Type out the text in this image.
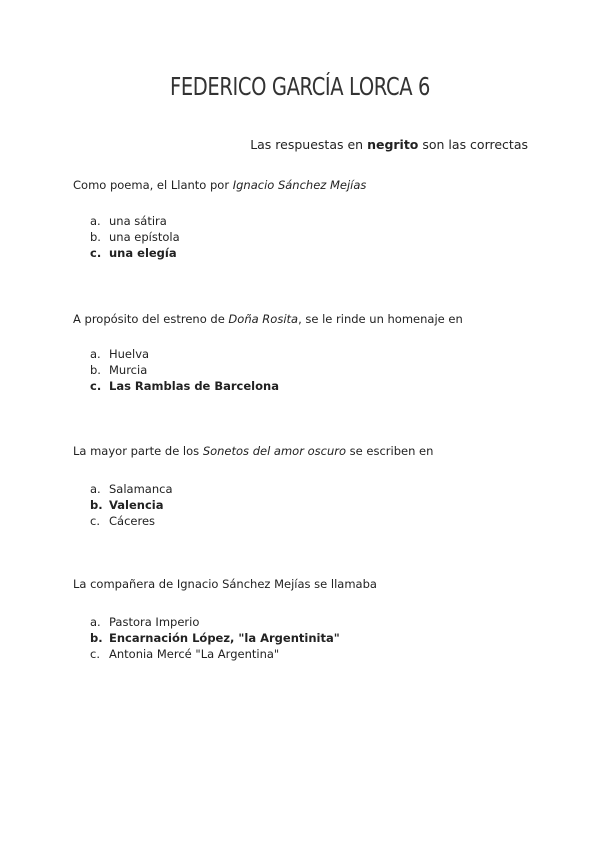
FEDERICO GARCÍA LORCA 6
Las respuestas en negrito son las correctas
Como poema, el Llanto por Ignacio Sánchez Mejías
a. una sátira
b. una epístola
c. una elegía
A propósito del estreno de Doña Rosita, se le rinde un homenaje en
a. Huelva
b. Murcia
c. Las Ramblas de Barcelona
La mayor parte de los Sonetos del amor oscuro se escriben en
a. Salamanca
b. Valencia
c. Cáceres
La compañera de Ignacio Sánchez Mejías se llamaba
a. Pastora Imperio
b. Encarnación López, "la Argentinita"
c. Antonia Mercé "La Argentina"
